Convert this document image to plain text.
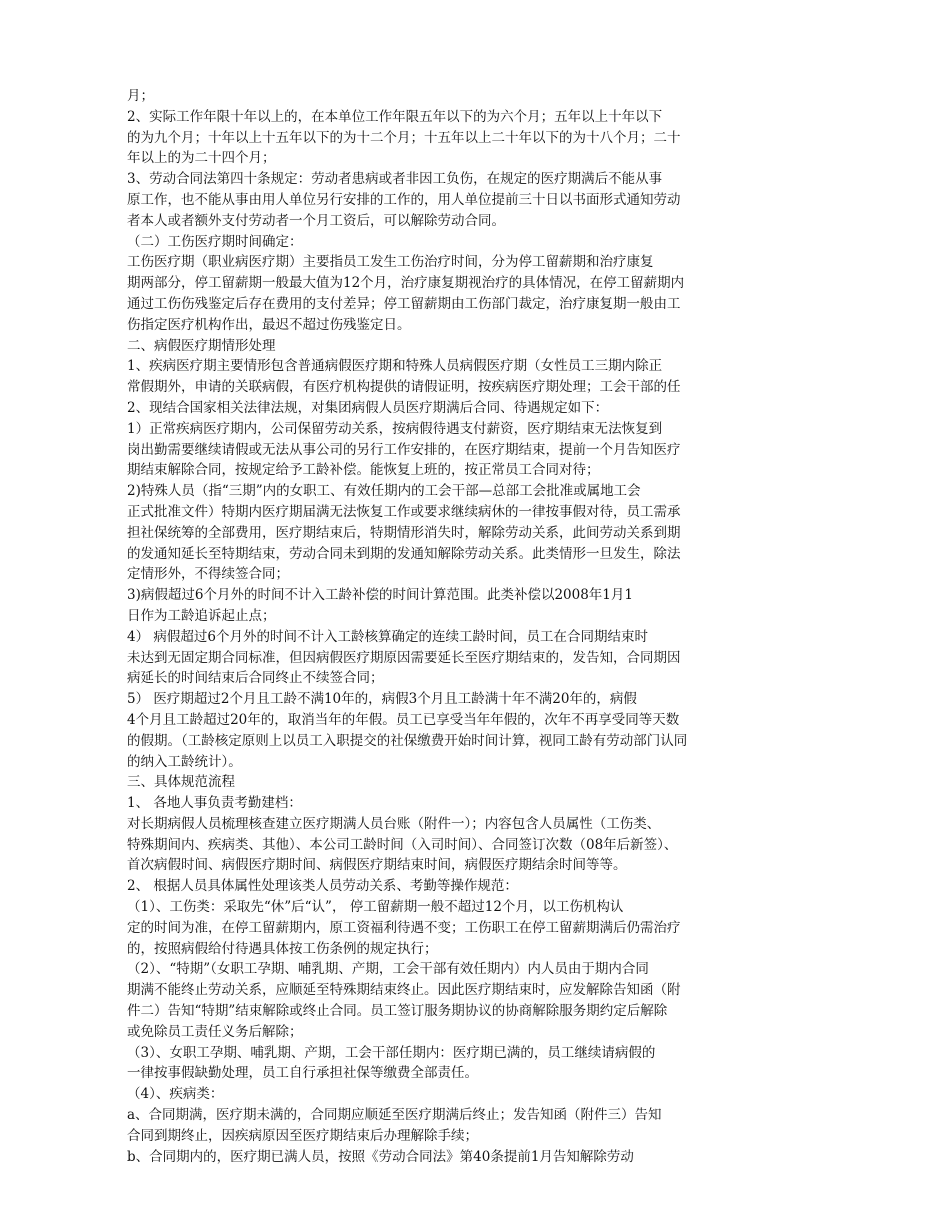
月；
2、实际工作年限十年以上的，在本单位工作年限五年以下的为六个月；五年以上十年以下
的为九个月；十年以上十五年以下的为十二个月；十五年以上二十年以下的为十八个月；二十
年以上的为二十四个月；
3、劳动合同法第四十条规定：劳动者患病或者非因工负伤，在规定的医疗期满后不能从事
原工作，也不能从事由用人单位另行安排的工作的，用人单位提前三十日以书面形式通知劳动
者本人或者额外支付劳动者一个月工资后，可以解除劳动合同。
（二）工伤医疗期时间确定：
工伤医疗期（职业病医疗期）主要指员工发生工伤治疗时间，分为停工留薪期和治疗康复
期两部分，停工留薪期一般最大值为12个月，治疗康复期视治疗的具体情况，在停工留薪期内
通过工伤伤残鉴定后存在费用的支付差异；停工留薪期由工伤部门裁定，治疗康复期一般由工
伤指定医疗机构作出，最迟不超过伤残鉴定日。
二、病假医疗期情形处理
1、疾病医疗期主要情形包含普通病假医疗期和特殊人员病假医疗期（女性员工三期内除正
常假期外，申请的关联病假，有医疗机构提供的请假证明，按疾病医疗期处理；工会干部的任
2、现结合国家相关法律法规，对集团病假人员医疗期满后合同、待遇规定如下：
1）正常疾病医疗期内，公司保留劳动关系，按病假待遇支付薪资，医疗期结束无法恢复到
岗出勤需要继续请假或无法从事公司的另行工作安排的，在医疗期结束，提前一个月告知医疗
期结束解除合同，按规定给予工龄补偿。能恢复上班的，按正常员工合同对待；
2)特殊人员（指“三期”内的女职工、有效任期内的工会干部—总部工会批准或属地工会
正式批准文件）特期内医疗期届满无法恢复工作或要求继续病休的一律按事假对待，员工需承
担社保统筹的全部费用，医疗期结束后，特期情形消失时，解除劳动关系，此间劳动关系到期
的发通知延长至特期结束，劳动合同未到期的发通知解除劳动关系。此类情形一旦发生，除法
定情形外，不得续签合同；
3)病假超过6个月外的时间不计入工龄补偿的时间计算范围。此类补偿以2008年1月1
日作为工龄追诉起止点；
4） 病假超过6个月外的时间不计入工龄核算确定的连续工龄时间，员工在合同期结束时
未达到无固定期合同标准，但因病假医疗期原因需要延长至医疗期结束的，发告知，合同期因
病延长的时间结束后合同终止不续签合同；
5） 医疗期超过2个月且工龄不满10年的，病假3个月且工龄满十年不满20年的，病假
4个月且工龄超过20年的，取消当年的年假。员工已享受当年年假的，次年不再享受同等天数
的假期。（工龄核定原则上以员工入职提交的社保缴费开始时间计算，视同工龄有劳动部门认同
的纳入工龄统计）。
三、具体规范流程
1、 各地人事负责考勤建档：
对长期病假人员梳理核查建立医疗期满人员台账（附件一）；内容包含人员属性（工伤类、
特殊期间内、疾病类、其他）、本公司工龄时间（入司时间）、合同签订次数（08年后新签）、
首次病假时间、病假医疗期时间、病假医疗期结束时间，病假医疗期结余时间等等。
2、 根据人员具体属性处理该类人员劳动关系、考勤等操作规范：
（1）、工伤类：采取先“休”后“认”， 停工留薪期一般不超过12个月，以工伤机构认
定的时间为准，在停工留薪期内，原工资福利待遇不变；工伤职工在停工留薪期满后仍需治疗
的，按照病假给付待遇具体按工伤条例的规定执行；
（2）、“特期”（女职工孕期、哺乳期、产期，工会干部有效任期内）内人员由于期内合同
期满不能终止劳动关系，应顺延至特殊期结束终止。因此医疗期结束时，应发解除告知函（附
件二）告知“特期”结束解除或终止合同。员工签订服务期协议的协商解除服务期约定后解除
或免除员工责任义务后解除；
（3）、女职工孕期、哺乳期、产期，工会干部任期内：医疗期已满的，员工继续请病假的
一律按事假缺勤处理，员工自行承担社保等缴费全部责任。
（4）、疾病类：
a、合同期满，医疗期未满的，合同期应顺延至医疗期满后终止；发告知函（附件三）告知
合同到期终止，因疾病原因至医疗期结束后办理解除手续；
b、合同期内的，医疗期已满人员，按照《劳动合同法》第40条提前1月告知解除劳动
